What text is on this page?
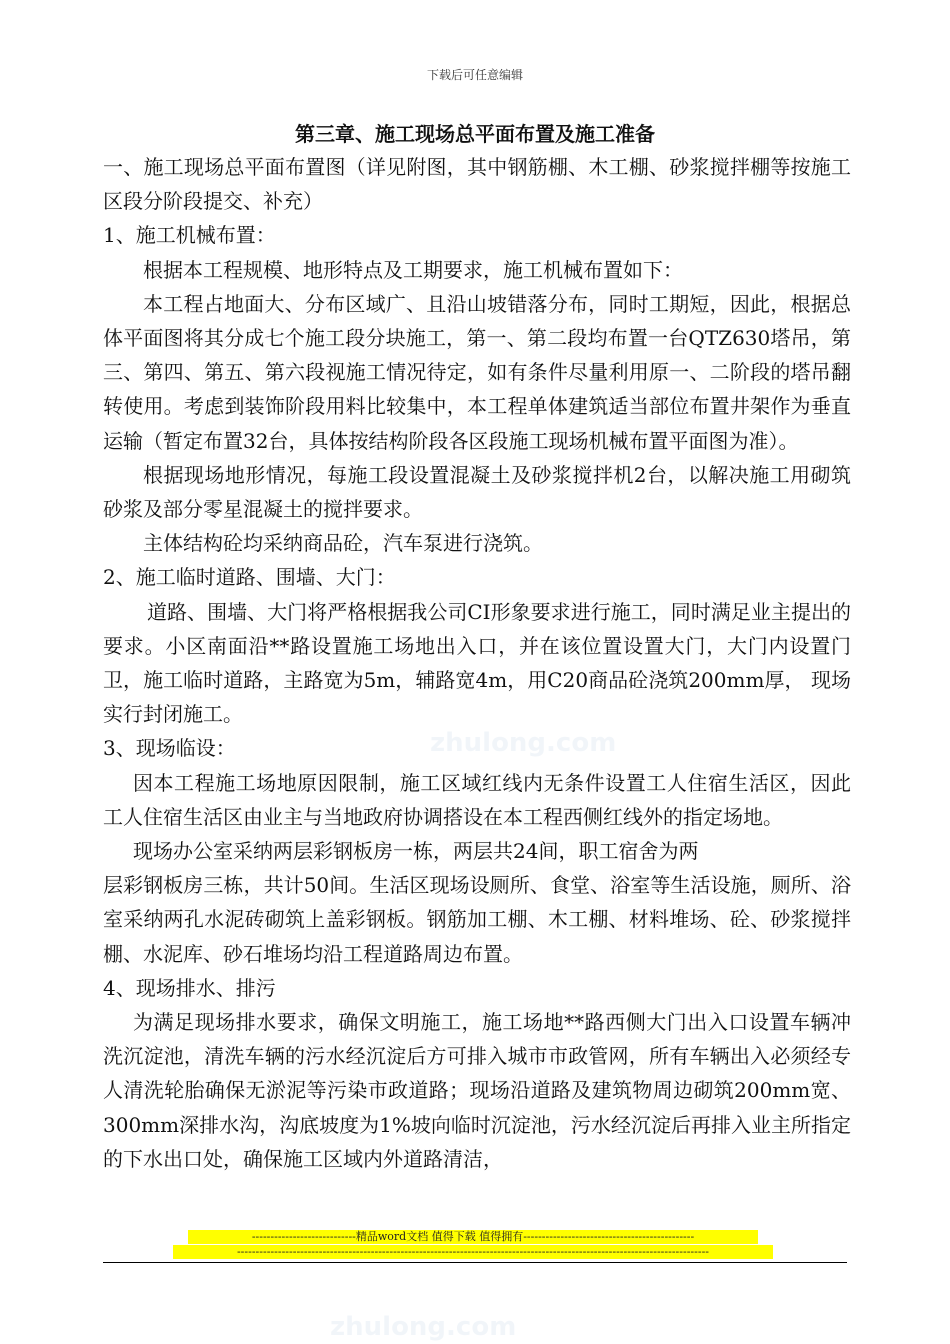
下载后可任意编辑
第三章、施工现场总平面布置及施工准备
zhulong.com
zhulong.com

一、施工现场总平面布置图（详见附图，其中钢筋棚、木工棚、砂浆搅拌棚等按施工区段分阶段提交、补充）

1、施工机械布置：

根据本工程规模、地形特点及工期要求，施工机械布置如下：

本工程占地面大、分布区域广、且沿山坡错落分布，同时工期短，因此，根据总体平面图将其分成七个施工段分块施工，第一、第二段均布置一台QTZ630塔吊，第三、第四、第五、第六段视施工情况待定，如有条件尽量利用原一、二阶段的塔吊翻转使用。考虑到装饰阶段用料比较集中，本工程单体建筑适当部位布置井架作为垂直运输（暂定布置32台，具体按结构阶段各区段施工现场机械布置平面图为准）。

根据现场地形情况，每施工段设置混凝土及砂浆搅拌机2台，以解决施工用砌筑砂浆及部分零星混凝土的搅拌要求。

主体结构砼均采纳商品砼，汽车泵进行浇筑。

2、施工临时道路、围墙、大门：

道路、围墙、大门将严格根据我公司CI形象要求进行施工，同时满足业主提出的要求。小区南面沿**路设置施工场地出入口，并在该位置设置大门，大门内设置门卫，施工临时道路，主路宽为5m，辅路宽4m，用C20商品砼浇筑200mm厚， 现场实行封闭施工。

3、现场临设：

因本工程施工场地原因限制，施工区域红线内无条件设置工人住宿生活区，因此工人住宿生活区由业主与当地政府协调搭设在本工程西侧红线外的指定场地。

现场办公室采纳两层彩钢板房一栋，两层共24间，职工宿舍为两

层彩钢板房三栋，共计50间。生活区现场设厕所、食堂、浴室等生活设施，厕所、浴室采纳两孔水泥砖砌筑上盖彩钢板。钢筋加工棚、木工棚、材料堆场、砼、砂浆搅拌棚、水泥库、砂石堆场均沿工程道路周边布置。

4、现场排水、排污

为满足现场排水要求，确保文明施工，施工场地**路西侧大门出入口设置车辆冲洗沉淀池，清洗车辆的污水经沉淀后方可排入城市市政管网，所有车辆出入必须经专人清洗轮胎确保无淤泥等污染市政道路；现场沿道路及建筑物周边砌筑200mm宽、300mm深排水沟，沟底坡度为1%坡向临时沉淀池，污水经沉淀后再排入业主所指定的下水出口处，确保施工区域内外道路清洁，

----------------------------精品word文档 值得下载 值得拥有----------------------------------------------
-------------------------------------------------------------------------------------------------------------------------------
